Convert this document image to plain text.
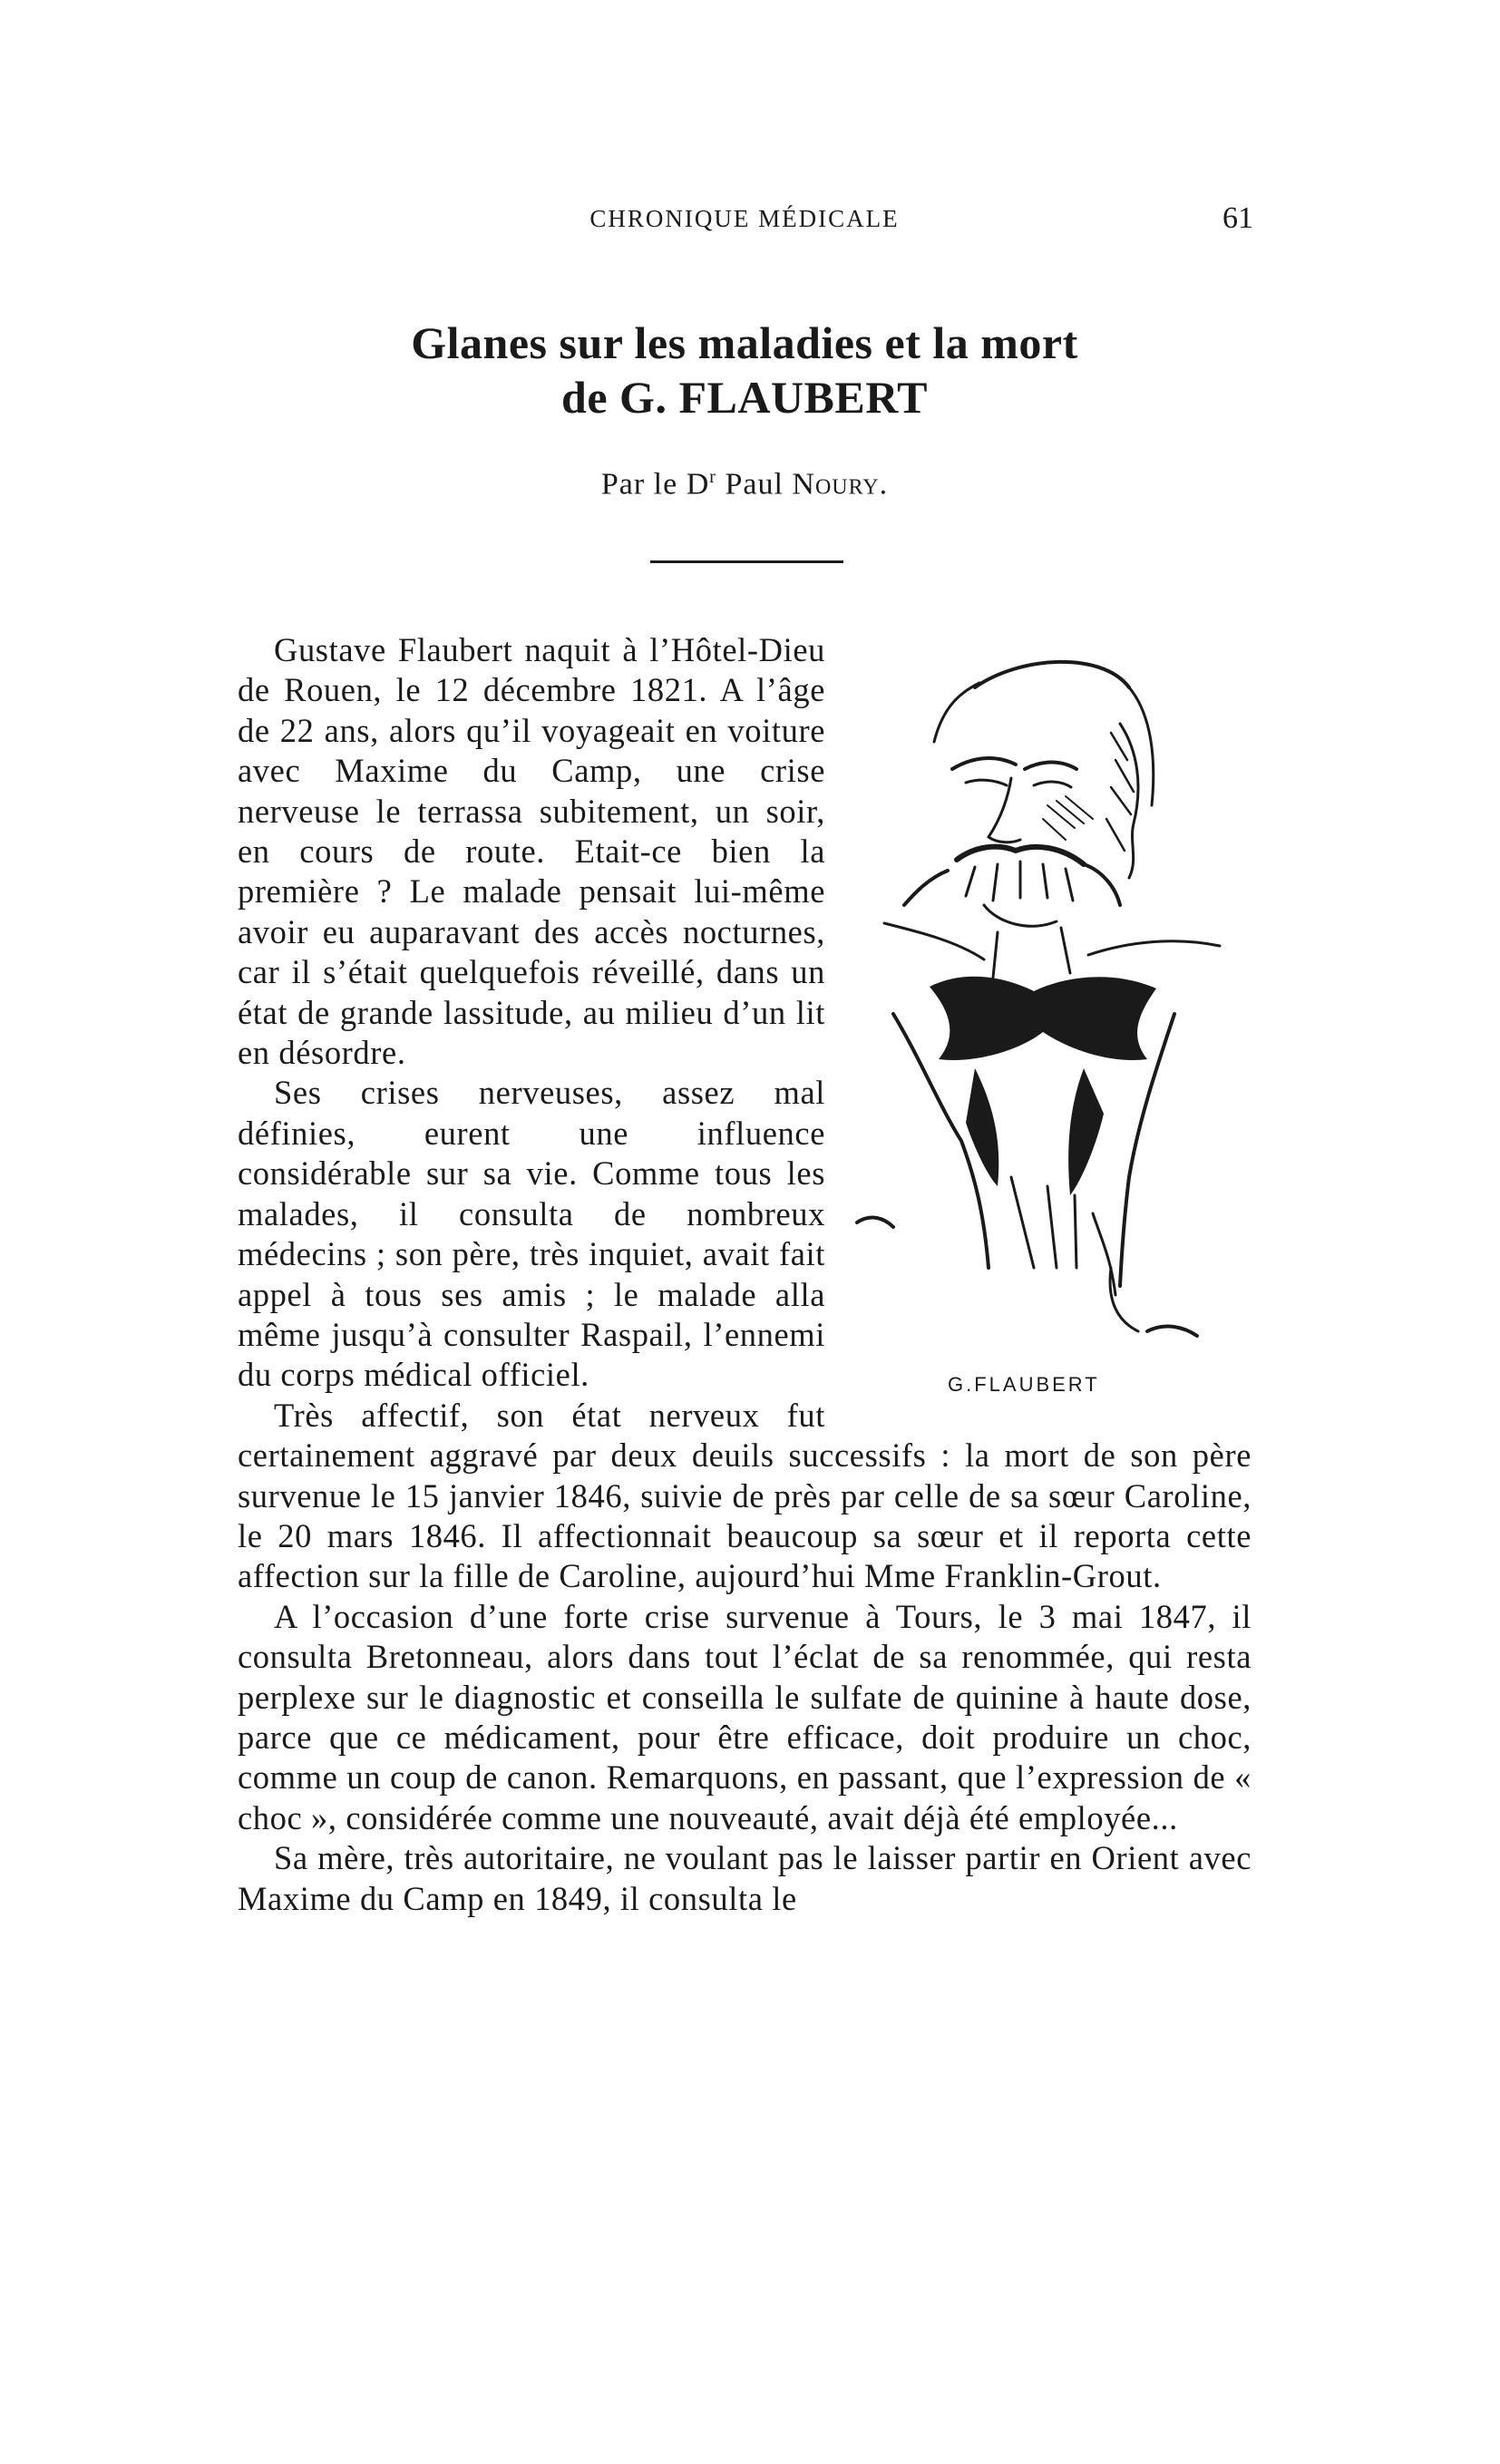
CHRONIQUE MÉDICALE	61
Glanes sur les maladies et la mort
de G. FLAUBERT
Par le $D^r$ Paul Noury.
G.FLAUBERT

Gustave Flaubert naquit à l’Hôtel-Dieu de Rouen, le 12 décembre 1821. A l’âge de 22 ans, alors qu’il voyageait en voiture avec Maxime du Camp, une crise nerveuse le terrassa subitement, un soir, en cours de route. Etait-ce bien la première ? Le malade pensait lui-même avoir eu auparavant des accès nocturnes, car il s’était quelquefois réveillé, dans un état de grande lassitude, au milieu d’un lit en désordre.

Ses crises nerveuses, assez mal définies, eurent une influence considérable sur sa vie. Comme tous les malades, il consulta de nombreux médecins ; son père, très inquiet, avait fait appel à tous ses amis ; le malade alla même jusqu’à consulter Raspail, l’ennemi du corps médical officiel.

Très affectif, son état nerveux fut certainement aggravé par deux deuils successifs : la mort de son père survenue le 15 janvier 1846, suivie de près par celle de sa sœur Caroline, le 20 mars 1846. Il affectionnait beaucoup sa sœur et il reporta cette affection sur la fille de Caroline, aujourd’hui Mme Franklin-Grout.

A l’occasion d’une forte crise survenue à Tours, le 3 mai 1847, il consulta Bretonneau, alors dans tout l’éclat de sa renommée, qui resta perplexe sur le diagnostic et conseilla le sulfate de quinine à haute dose, parce que ce médicament, pour être efficace, doit produire un choc, comme un coup de canon. Remarquons, en passant, que l’expression de « choc », considérée comme une nouveauté, avait déjà été employée...

Sa mère, très autoritaire, ne voulant pas le laisser partir en Orient avec Maxime du Camp en 1849, il consulta le
